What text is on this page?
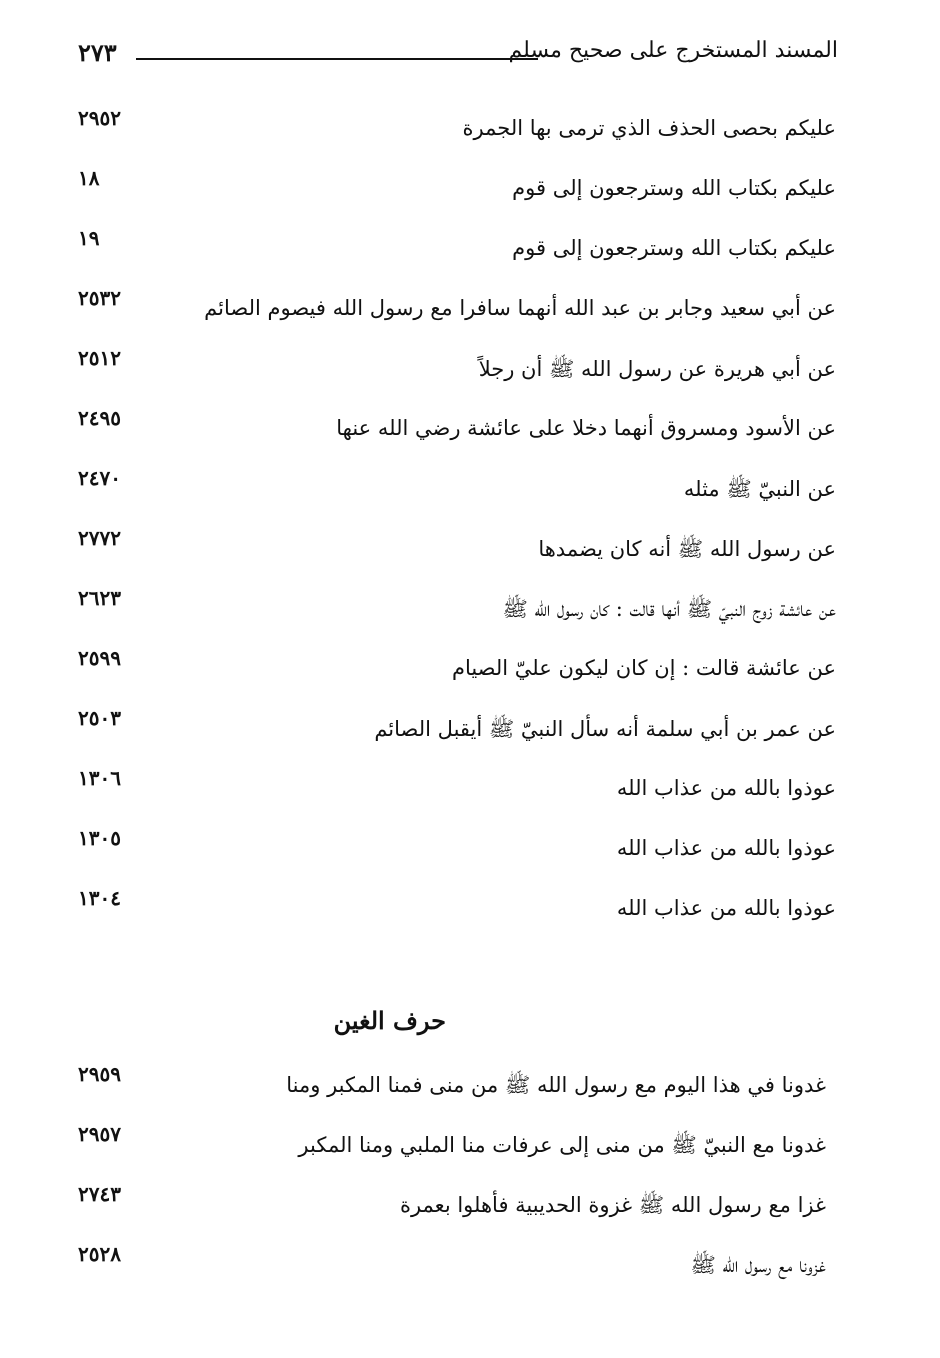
٢٧٣	المسند المستخرج على صحيح مسلم
عليكم بحصى الحذف الذي ترمى بها الجمرة
٢٩٥٢
عليكم بكتاب الله وسترجعون إلى قوم
١٨
عليكم بكتاب الله وسترجعون إلى قوم
١٩
عن أبي سعيد وجابر بن عبد الله أنهما سافرا مع رسول الله فيصوم الصائم
٢٥٣٢
عن أبي هريرة عن رسول الله ﷺ أن رجلاً
٢٥١٢
عن الأسود ومسروق أنهما دخلا على عائشة رضي الله عنها
٢٤٩٥
عن النبيّ ﷺ مثله
٢٤٧٠
عن رسول الله ﷺ أنه كان يضمدها
٢٧٧٢
عن عائشة زوج النبيّ ﷺ أنها قالت : كان رسول الله ﷺ
٢٦٢٣
عن عائشة قالت : إن كان ليكون عليّ الصيام
٢٥٩٩
عن عمر بن أبي سلمة أنه سأل النبيّ ﷺ أيقبل الصائم
٢٥٠٣
عوذوا بالله من عذاب الله
١٣٠٦
عوذوا بالله من عذاب الله
١٣٠٥
عوذوا بالله من عذاب الله
١٣٠٤
حرف الغين
غدونا في هذا اليوم مع رسول الله ﷺ من منى فمنا المكبر ومنا
٢٩٥٩
غدونا مع النبيّ ﷺ من منى إلى عرفات منا الملبي ومنا المكبر
٢٩٥٧
غزا مع رسول الله ﷺ غزوة الحديبية فأهلوا بعمرة
٢٧٤٣
غزونا مع رسول الله ﷺ
٢٥٢٨
